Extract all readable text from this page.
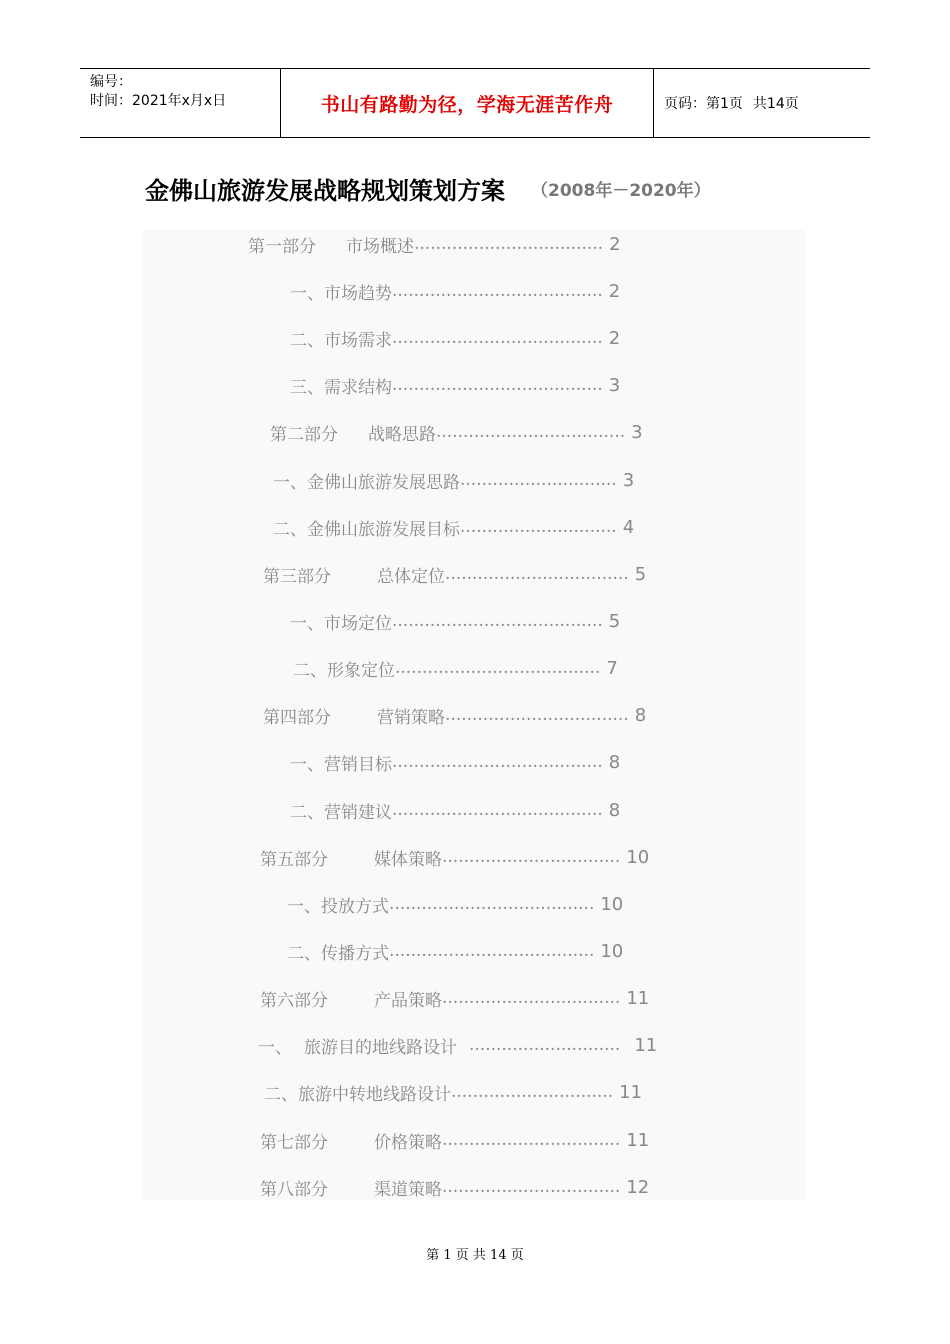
编号：
时间：2021年x月x日	书山有路勤为径，学海无涯苦作舟	页码：第1页 共14页
金佛山旅游发展战略规划策划方案 （2008年－2020年）
第一部分 市场概述 ................................... 2
一、市场趋势 ....................................... 2
二、市场需求 ....................................... 2
三、需求结构 ....................................... 3
第二部分 战略思路 ................................... 3
一、金佛山旅游发展思路 ............................. 3
二、金佛山旅游发展目标 ............................. 4
第三部分	总体定位 .................................. 5
一、市场定位 ....................................... 5
二、形象定位 ...................................... 7
第四部分	营销策略 .................................. 8
一、营销目标 ....................................... 8
二、营销建议 ....................................... 8
第五部分	媒体策略 ................................. 10
一、投放方式 ...................................... 10
二、传播方式 ...................................... 10
第六部分	产品策略 ................................. 11
一、 旅游目的地线路设计 ............................ 11
二、旅游中转地线路设计 .............................. 11
第七部分	价格策略 ................................. 11
第八部分	渠道策略 ................................. 12
第 1 页 共 14 页
